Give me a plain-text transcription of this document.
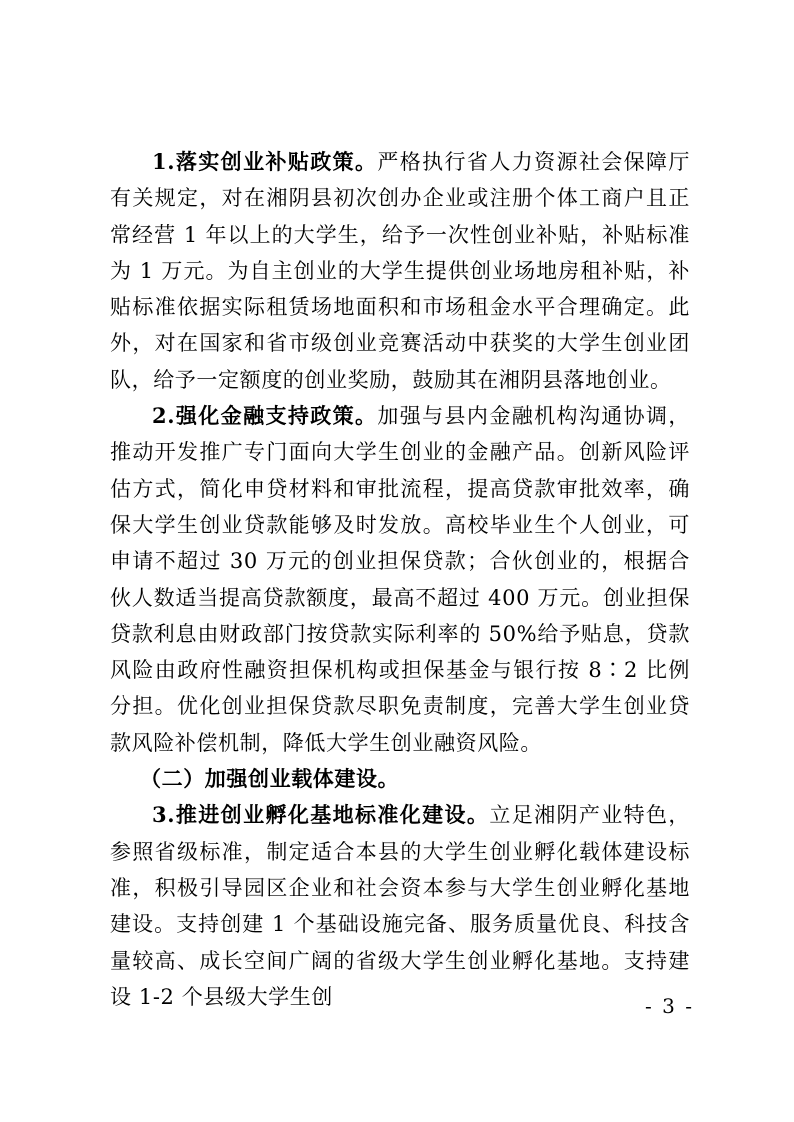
1.落实创业补贴政策。严格执行省人力资源社会保障厅有关规定，对在湘阴县初次创办企业或注册个体工商户且正常经营 1 年以上的大学生，给予一次性创业补贴，补贴标准为 1 万元。为自主创业的大学生提供创业场地房租补贴，补贴标准依据实际租赁场地面积和市场租金水平合理确定。此外，对在国家和省市级创业竞赛活动中获奖的大学生创业团队，给予一定额度的创业奖励，鼓励其在湘阴县落地创业。

2.强化金融支持政策。加强与县内金融机构沟通协调，推动开发推广专门面向大学生创业的金融产品。创新风险评估方式，简化申贷材料和审批流程，提高贷款审批效率，确保大学生创业贷款能够及时发放。高校毕业生个人创业，可申请不超过 30 万元的创业担保贷款；合伙创业的，根据合伙人数适当提高贷款额度，最高不超过 400 万元。创业担保贷款利息由财政部门按贷款实际利率的 50%给予贴息，贷款风险由政府性融资担保机构或担保基金与银行按 8∶2 比例分担。优化创业担保贷款尽职免责制度，完善大学生创业贷款风险补偿机制，降低大学生创业融资风险。

（二）加强创业载体建设。

3.推进创业孵化基地标准化建设。立足湘阴产业特色，参照省级标准，制定适合本县的大学生创业孵化载体建设标准，积极引导园区企业和社会资本参与大学生创业孵化基地建设。支持创建 1 个基础设施完备、服务质量优良、科技含量较高、成长空间广阔的省级大学生创业孵化基地。支持建设 1-2 个县级大学生创	- 3 -
